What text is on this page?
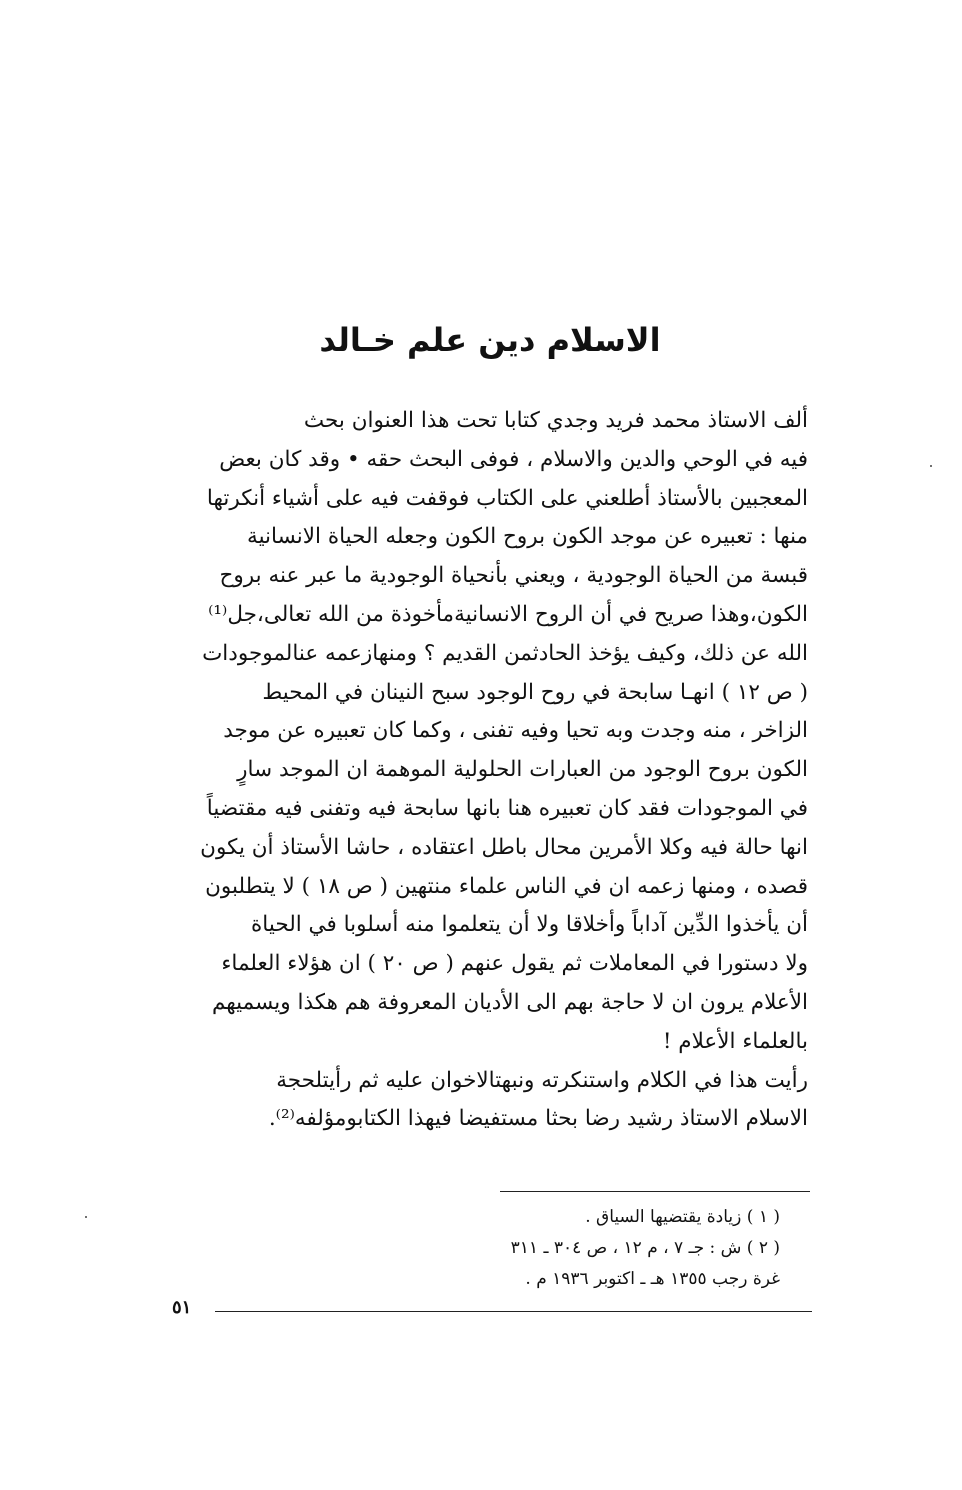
الاسلام دين علم خـالد
ألف الاستاذ محمد فريد وجدي كتابا تحت هذا العنوان بحث
فيه في الوحي والدين والاسلام ، فوفى البحث حقه • وقد كان بعض
المعجبين بالأستاذ أطلعني على الكتاب فوقفت فيه على أشياء أنكرتها
منها : تعبيره عن موجد الكون بروح الكون وجعله الحياة الانسانية
قبسة من الحياة الوجودية ، ويعني بأنحياة الوجودية ما عبر عنه بروح
الكون،وهذا صريح في أن الروح الانسانيةمأخوذة من الله تعالى،جل⁽¹⁾
الله عن ذلك، وكيف يؤخذ الحادثمن القديم ؟ ومنهازعمه عنالموجودات
( ص ١٢ ) انهـا سابحة في روح الوجود سبح النينان في المحيط
الزاخر ، منه وجدت وبه تحيا وفيه تفنى ، وكما كان تعبيره عن موجد
الكون بروح الوجود من العبارات الحلولية الموهمة ان الموجد سارٍ
في الموجودات فقد كان تعبيره هنا بانها سابحة فيه وتفنى فيه مقتضياً
انها حالة فيه وكلا الأمرين محال باطل اعتقاده ، حاشا الأستاذ أن يكون
قصده ، ومنها زعمه ان في الناس علماء منتهين ( ص ١٨ ) لا يتطلبون
أن يأخذوا الدِّين آداباً وأخلاقا ولا أن يتعلموا منه أسلوبا في الحياة
ولا دستورا في المعاملات ثم يقول عنهم ( ص ٢٠ ) ان هؤلاء العلماء
الأعلام يرون ان لا حاجة بهم الى الأديان المعروفة هم هكذا ويسميهم
بالعلماء الأعلام !
رأيت هذا في الكلام واستنكرته ونبهتالاخوان عليه ثم رأيتلحجة
الاسلام الاستاذ رشيد رضا بحثا مستفيضا فيهذا الكتابومؤلفه⁽²⁾.
( ١ ) زيادة يقتضيها السياق .
( ٢ ) ش : جـ ٧ ، م ١٢ ، ص ٣٠٤ ـ ٣١١
غرة رجب ١٣٥٥ هـ ـ اكتوبر ١٩٣٦ م .
٥١
